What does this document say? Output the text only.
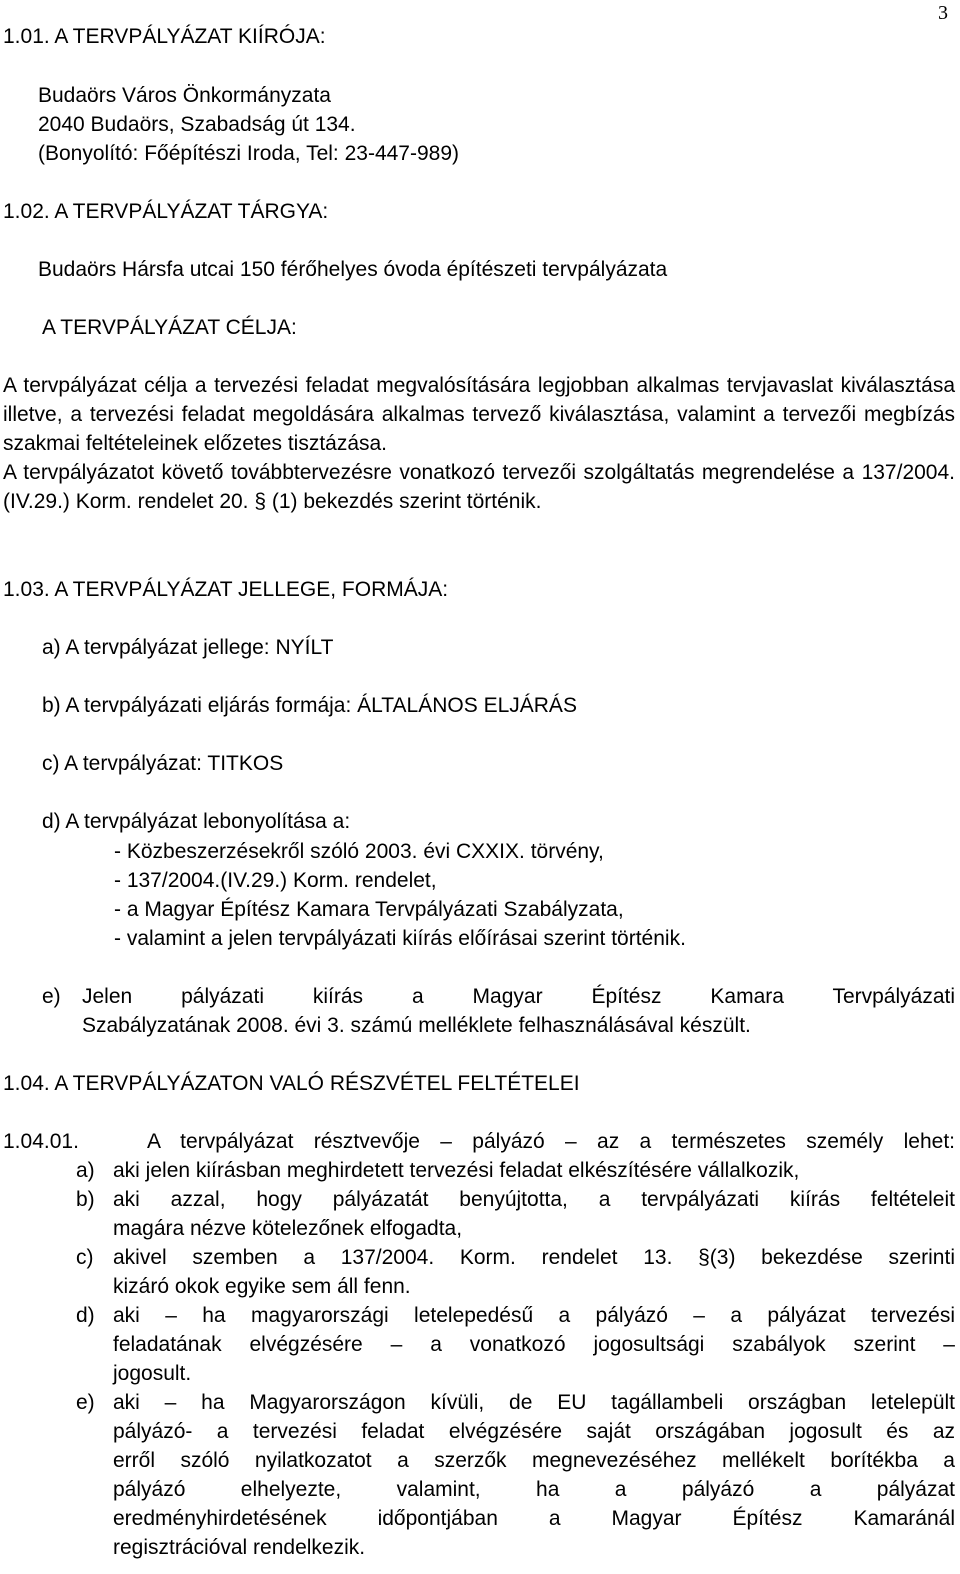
3
1.01. A TERVPÁLYÁZAT KIÍRÓJA:
Budaörs Város Önkormányzata
2040 Budaörs, Szabadság út 134.
(Bonyolító: Főépítészi Iroda, Tel: 23-447-989)
1.02. A TERVPÁLYÁZAT TÁRGYA:
Budaörs Hársfa utcai 150 férőhelyes óvoda építészeti tervpályázata
A TERVPÁLYÁZAT CÉLJA:
A tervpályázat célja a tervezési feladat megvalósítására legjobban alkalmas tervjavaslat kiválasztása illetve, a tervezési feladat megoldására alkalmas tervező kiválasztása, valamint a tervezői megbízás szakmai feltételeinek előzetes tisztázása.
A tervpályázatot követő továbbtervezésre vonatkozó tervezői szolgáltatás megrendelése a 137/2004. (IV.29.) Korm. rendelet 20. § (1) bekezdés szerint történik.
1.03. A TERVPÁLYÁZAT JELLEGE, FORMÁJA:
a) A tervpályázat jellege: NYÍLT
b) A tervpályázati eljárás formája: ÁLTALÁNOS ELJÁRÁS
c) A tervpályázat: TITKOS
d) A tervpályázat lebonyolítása a:
- Közbeszerzésekről szóló 2003. évi CXXIX. törvény,
- 137/2004.(IV.29.) Korm. rendelet,
- a Magyar Építész Kamara Tervpályázati Szabályzata,
- valamint a jelen tervpályázati kiírás előírásai szerint történik.
e) Jelen pályázati kiírás a Magyar Építész Kamara Tervpályázati
Szabályzatának 2008. évi 3. számú melléklete felhasználásával készült.
1.04. A TERVPÁLYÁZATON VALÓ RÉSZVÉTEL FELTÉTELEI
1.04.01.	A tervpályázat résztvevője – pályázó – az a természetes személy lehet:
a) aki jelen kiírásban meghirdetett tervezési feladat elkészítésére vállalkozik,
b) aki azzal, hogy pályázatát benyújtotta, a tervpályázati kiírás feltételeit
magára nézve kötelezőnek elfogadta,
c) akivel szemben a 137/2004. Korm. rendelet 13. §(3) bekezdése szerinti
kizáró okok egyike sem áll fenn.
d) aki – ha magyarországi letelepedésű a pályázó – a pályázat tervezési
feladatának elvégzésére – a vonatkozó jogosultsági szabályok szerint –
jogosult.
e) aki – ha Magyarországon kívüli, de EU tagállambeli országban letelepült
pályázó- a tervezési feladat elvégzésére saját országában jogosult és az
erről szóló nyilatkozatot a szerzők megnevezéséhez mellékelt borítékba a
pályázó elhelyezte, valamint, ha a pályázó a pályázat
eredményhirdetésének időpontjában a Magyar Építész Kamaránál
regisztrációval rendelkezik.
